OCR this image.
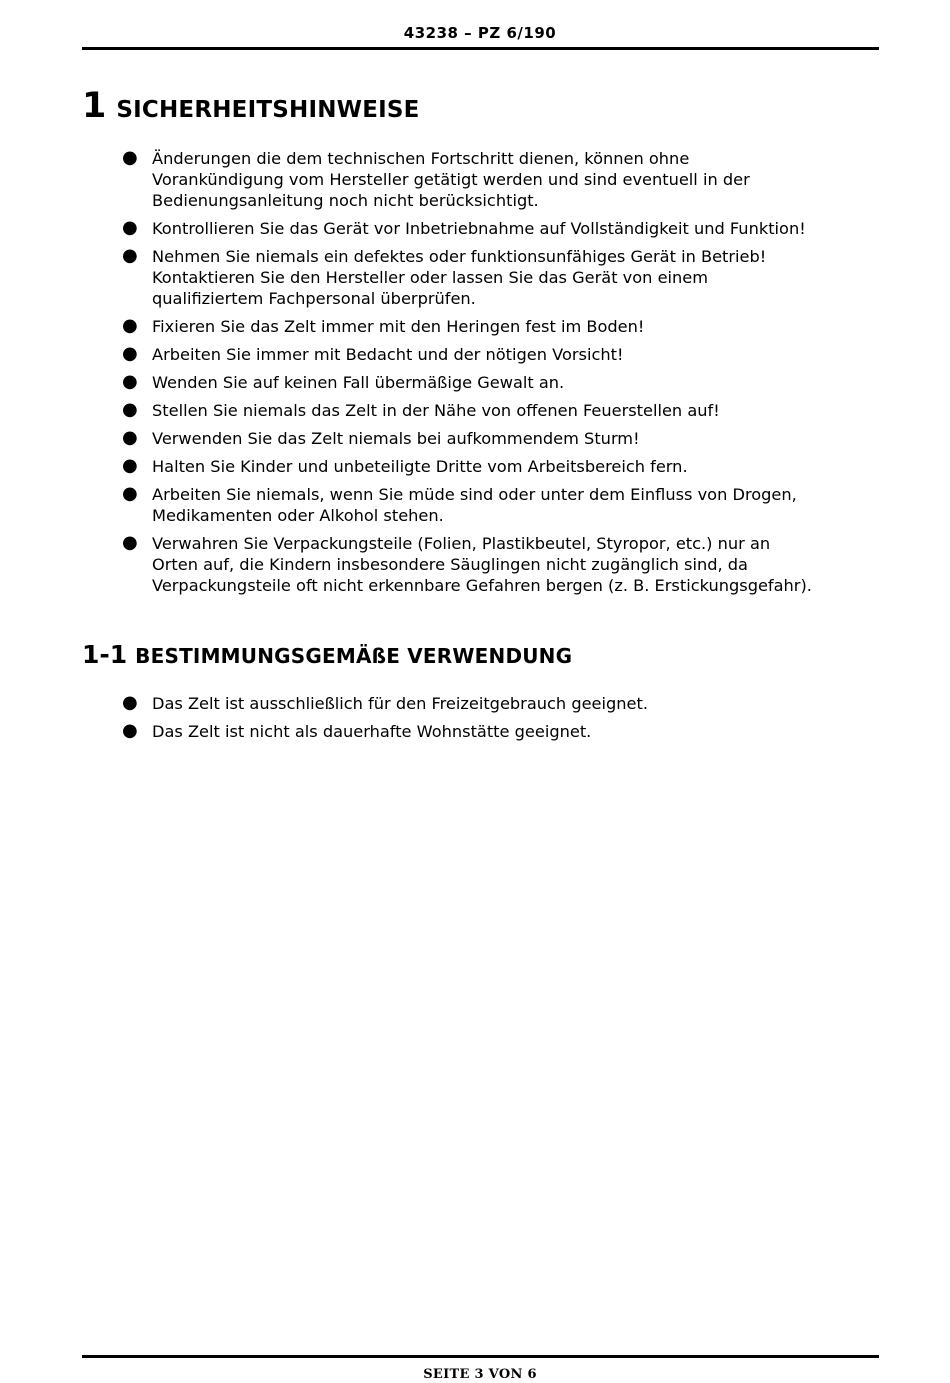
43238 – PZ 6/190
1 SICHERHEITSHINWEISE
● Änderungen die dem technischen Fortschritt dienen, können ohne
Vorankündigung vom Hersteller getätigt werden und sind eventuell in der
Bedienungsanleitung noch nicht berücksichtigt.
● Kontrollieren Sie das Gerät vor Inbetriebnahme auf Vollständigkeit und Funktion!
● Nehmen Sie niemals ein defektes oder funktionsunfähiges Gerät in Betrieb!
Kontaktieren Sie den Hersteller oder lassen Sie das Gerät von einem
qualifiziertem Fachpersonal überprüfen.
● Fixieren Sie das Zelt immer mit den Heringen fest im Boden!
● Arbeiten Sie immer mit Bedacht und der nötigen Vorsicht!
● Wenden Sie auf keinen Fall übermäßige Gewalt an.
● Stellen Sie niemals das Zelt in der Nähe von offenen Feuerstellen auf!
● Verwenden Sie das Zelt niemals bei aufkommendem Sturm!
● Halten Sie Kinder und unbeteiligte Dritte vom Arbeitsbereich fern.
● Arbeiten Sie niemals, wenn Sie müde sind oder unter dem Einfluss von Drogen,
Medikamenten oder Alkohol stehen.
● Verwahren Sie Verpackungsteile (Folien, Plastikbeutel, Styropor, etc.) nur an
Orten auf, die Kindern insbesondere Säuglingen nicht zugänglich sind, da
Verpackungsteile oft nicht erkennbare Gefahren bergen (z. B. Erstickungsgefahr).
1-1 BESTIMMUNGSGEMÄßE VERWENDUNG
● Das Zelt ist ausschließlich für den Freizeitgebrauch geeignet.
● Das Zelt ist nicht als dauerhafte Wohnstätte geeignet.
SEITE 3 VON 6
